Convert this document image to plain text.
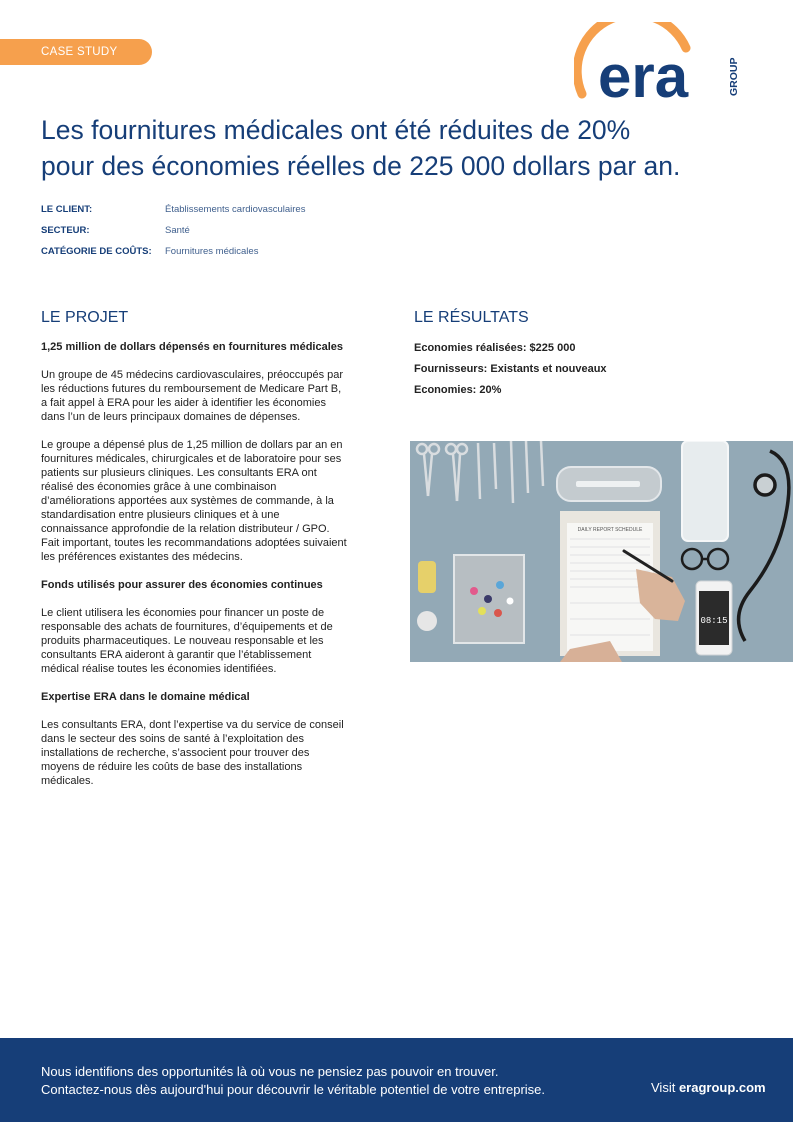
CASE STUDY	era	GROUP
Les fournitures médicales ont été réduites de 20%
pour des économies réelles de 225 000 dollars par an.
LE CLIENT:	Établissements cardiovasculaires
SECTEUR:	Santé
CATÉGORIE DE COÛTS:	Fournitures médicales
LE PROJET	LE RÉSULTATS
1,25 million de dollars dépensés en fournitures médicales

Un groupe de 45 médecins cardiovasculaires, préoccupés par les réductions futures du remboursement de Medicare Part B, a fait appel à ERA pour les aider à identifier les économies dans l’un de leurs principaux domaines de dépenses.

Le groupe a dépensé plus de 1,25 million de dollars par an en fournitures médicales, chirurgicales et de laboratoire pour ses patients sur plusieurs cliniques. Les consultants ERA ont réalisé des économies grâce à une combinaison d’améliorations apportées aux systèmes de commande, à la standardisation entre plusieurs cliniques et à une connaissance approfondie de la relation distributeur / GPO. Fait important, toutes les recommandations adoptées suivaient les préférences existantes des médecins.

Fonds utilisés pour assurer des économies continues

Le client utilisera les économies pour financer un poste de responsable des achats de fournitures, d’équipements et de produits pharmaceutiques. Le nouveau responsable et les consultants ERA aideront à garantir que l’établissement médical réalise toutes les économies identifiées.

Expertise ERA dans le domaine médical

Les consultants ERA, dont l’expertise va du service de conseil dans le secteur des soins de santé à l’exploitation des installations de recherche, s’associent pour trouver des moyens de réduire les coûts de base des installations médicales.

Economies réalisées: $225 000
Fournisseurs: Existants et nouveaux
Economies: 20%
DAILY REPORT SCHEDULE
08:15
Nous identifions des opportunités là où vous ne pensiez pas pouvoir en trouver.
Contactez-nous dès aujourd'hui pour découvrir le véritable potentiel de votre entreprise.	Visit eragroup.com
